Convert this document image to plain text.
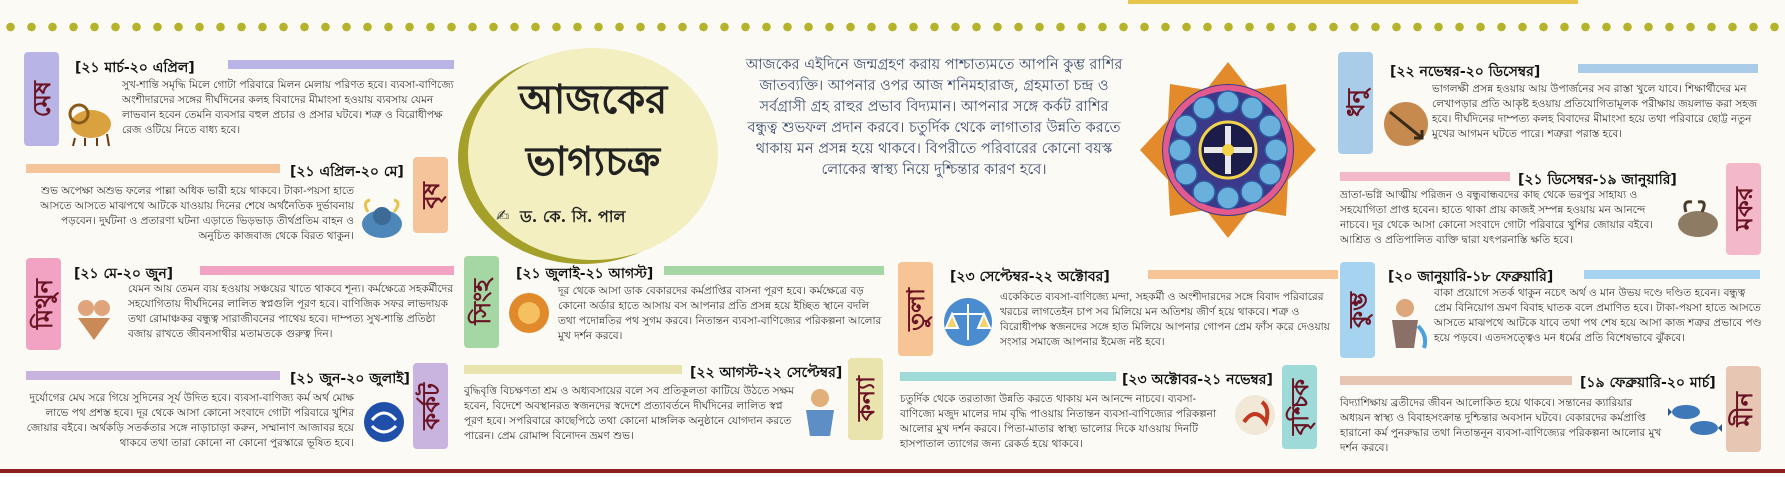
আজকের
ভাগ্যচক্র
✍ ড. কে. সি. পাল
আজকের এইদিনে জন্মগ্রহণ করায় পাশ্চাত্যমতে আপনি কুম্ভ রাশির জাতব্যক্তি। আপনার ওপর আজ শনিমহারাজ, গ্রহমাতা চন্দ্র ও সর্বগ্রাসী গ্রহ রাহুর প্রভাব বিদ্যমান। আপনার সঙ্গে কর্কট রাশির বন্ধুত্ব শুভফল প্রদান করবে। চতুর্দিক থেকে লাগাতার উন্নতি করতে থাকায় মন প্রসন্ন হয়ে থাকবে। বিপরীতে পরিবারের কোনো বয়স্ক লোকের স্বাস্থ্য নিয়ে দুশ্চিন্তার কারণ হবে।
মেষ
[২১ মার্চ-২০ এপ্রিল]
সুখ-শান্তি সমৃদ্ধি মিলে গোটা পরিবারে মিলন মেলায় পরিণত হবে। ব্যবসা-বাণিজ্যে অংশীদারদের সঙ্গের দীর্ঘদিনের কলহ বিবাদের মীমাংসা হওয়ায় ব্যবসায় যেমন লাভবান হবেন তেমনি ব্যবসার বহুল প্রচার ও প্রসার ঘটবে। শত্রু ও বিরোধীপক্ষ রেজ ওটিয়ে নিতে বাধ্য হবে।
[২১ এপ্রিল-২০ মে]
বৃষ
শুভ অপেক্ষা অশুভ ফলের পাল্লা অধিক ভারী হয়ে থাকবে। টাকা-পয়সা হাতে আসতে আসতে মাঝপথে আটকে যাওয়ায় দিনের শেষে অর্থনৈতিক দুর্ভাবনায় পড়বেন। দুর্ঘটনা ও প্রতারণা ঘটনা এড়াতে ভিড়ভাড় তীর্থপ্রতিম বাহন ও অনুচিত কাজবাজ থেকে বিরত থাকুন।
মিথুন
[২১ মে-২০ জুন]
যেমন আয় তেমন ব্যয় হওয়ায় সঞ্চয়ের খাতে থাকবে শূন্য। কর্মক্ষেত্রে সহকর্মীদের সহযোগিতায় দীর্ঘদিনের লালিত স্বপ্নগুলি পূরণ হবে। বাণিজিক সফর লাভদায়ক তথা রোমাঞ্চকর বন্ধুত্ব সারাজীবনের পাথেয় হবে। দাম্পত্য সুখ-শান্তি প্রতিষ্ঠা বজায় রাখতে জীবনসাথীর মতামতকে গুরুত্ব দিন।
[২১ জুন-২০ জুলাই]
কর্কট
দুর্যোগের মেঘ সরে গিয়ে সুদিনের সূর্য উদিত হবে। ব্যবসা-বাণিজ্য কর্ম অর্থ মোক্ষ লাভে পথ প্রশস্ত হবে। দূর থেকে আসা কোনো সংবাদে গোটা পরিবারে খুশির জোয়ার বইবে। অর্থকড়ি সতর্কতার সঙ্গে নাড়াচাড়া করুন, সম্মানাণ আজাবর হয়ে থাকবে তথা তারা কোনো না কোনো পুরস্কারে ভূষিত হবে।
সিংহ
[২১ জুলাই-২১ আগস্ট]
দূর থেকে আসা ডাক বেকারদের কর্মপ্রাপ্তির বাসনা পূরণ হবে। কর্মক্ষেত্রে বড় কোনো অর্ডার হাতে আসায় বস আপনার প্রতি প্রসন্ন হয়ে ইচ্ছিত স্থানে বদলি তথা পদোন্নতির পথ সুগম করবে। নিতান্তন ব্যবসা-বাণিজ্যের পরিকল্পনা আলোর মুখ দর্শন করবে।
[২২ আগস্ট-২২ সেপ্টেম্বর]
কন্যা
বুদ্ধিবৃত্তি বিচক্ষণতা শ্রম ও অধ্যবসায়ের বলে সব প্রতিকূলতা কাটিয়ে উঠতে সক্ষম হবেন, বিদেশে অবস্থানরত স্বজনদের স্বদেশে প্রত্যাবর্তনে দীর্ঘদিনের লালিত স্বপ্ন পূরণ হবে। সপরিবারে কাছেপিঠে তথা কোনো মাঙ্গলিক অনুষ্ঠানে যোগদান করতে পারেন। প্রেম রোমান্স বিনোদন ভ্রমণ শুভ।
তুলা
[২৩ সেপ্টেম্বর-২২ অক্টোবর]
একেকিতে ব্যবসা-বাণিজ্যে মন্দা, সহকর্মী ও অংশীদারদের সঙ্গে বিবাদ পরিবারের খরচের লাগতেইন চাপ সব মিলিয়ে মন অতিশয় জীর্ণ হয়ে থাকবে। শত্রু ও বিরোধীপক্ষ স্বজনদের সঙ্গে হাত মিলিয়ে আপনার গোপন প্রেম ফাঁস করে দেওয়ায় সংসার সমাজে আপনার ইমেজ নষ্ট হবে।
[২৩ অক্টোবর-২১ নভেম্বর] বৃশ্চিক
চতুর্দিক থেকে তরতাজা উন্নতি করতে থাকায় মন আনন্দে নাচবে। ব্যবসা-বাণিজ্যে মজুদ মালের দাম বৃদ্ধি পাওয়ায় নিতান্তন ব্যবসা-বাণিজ্যের পরিকল্পনা আলোর মুখ দর্শন করবে। পিতা-মাতার স্বাস্থ্য ভালোর দিকে যাওয়ায় দিনটি হাসপাতাল ত্যাগের জন্য রেকর্ড হয়ে থাকবে।
ধনু
[২২ নভেম্বর-২০ ডিসেম্বর]
ভাগলক্ষী প্রসন্ন হওয়ায় আয় উপার্জনের সব রাস্তা খুলে যাবে। শিক্ষার্থীদের মন লেখাপড়ার প্রতি আকৃষ্ট হওয়ায় প্রতিযোগিতামূলক পরীক্ষায় জয়লাভ করা সহজ হবে। দীর্ঘদিনের দাম্পত্য কলহ বিবাদের মীমাংসা হয়ে তথা পরিবারে ছোট্ট নতুন মুখের আগমন ঘটতে পারে। শত্রুরা পরাস্ত হবে।
[২১ ডিসেম্বর-১৯ জানুয়ারি]
মকর
ভ্রাতা-ভগ্নি আত্মীয় পরিজন ও বন্ধুবান্ধবদের কাছ থেকে ভরপুর সাহায্য ও সহযোগিতা প্রাপ্ত হবেন। হাতে থাকা প্রায় কাজই সম্পন্ন হওয়ায় মন আনন্দে নাচবে। দূর থেকে আসা কোনো সংবাদে গোটা পরিবারে খুশির জোয়ার বইবে। আশ্রিত ও প্রতিপালিত ব্যক্তি দ্বারা যৎপরনাস্তি ক্ষতি হবে।
কুম্ভ
[২০ জানুয়ারি-১৮ ফেব্রুয়ারি]
বাকা প্রয়োগে সতর্ক থাকুন নচেৎ অর্থ ও মান উভয় দণ্ডে দণ্ডিত হবেন। বন্ধুত্ব প্রেম বিনিয়োগ ভ্রমণ বিবাহ ঘাতক বলে প্রমাণিত হবে। টাকা-পয়সা হাতে আসতে আসতে মাঝপথে আটকে যাবে তথা পথ শেষ হয়ে আসা কাজ শত্রুর প্রভাবে পণ্ড হয়ে পড়বে। এতদসত্ত্বেও মন ধর্মের প্রতি বিশেষভাবে ঝুঁকবে।
[১৯ ফেব্রুয়ারি-২০ মার্চ]
মীন
বিদ্যাশিক্ষায় ব্রতীদের জীবন আলোকিত হয়ে থাকবে। সন্তানের ক্যারিয়ার অধ্যয়ন স্বাস্থ্য ও বিবাহসংক্রান্ত দুশ্চিন্তার অবসান ঘটবে। বেকারদের কর্মপ্রাপ্তি হারানো কর্ম পুনরুদ্ধার তথা নিতান্তনূন ব্যবসা-বাণিজ্যের পরিকল্পনা আলোর মুখ দর্শন করবে।
